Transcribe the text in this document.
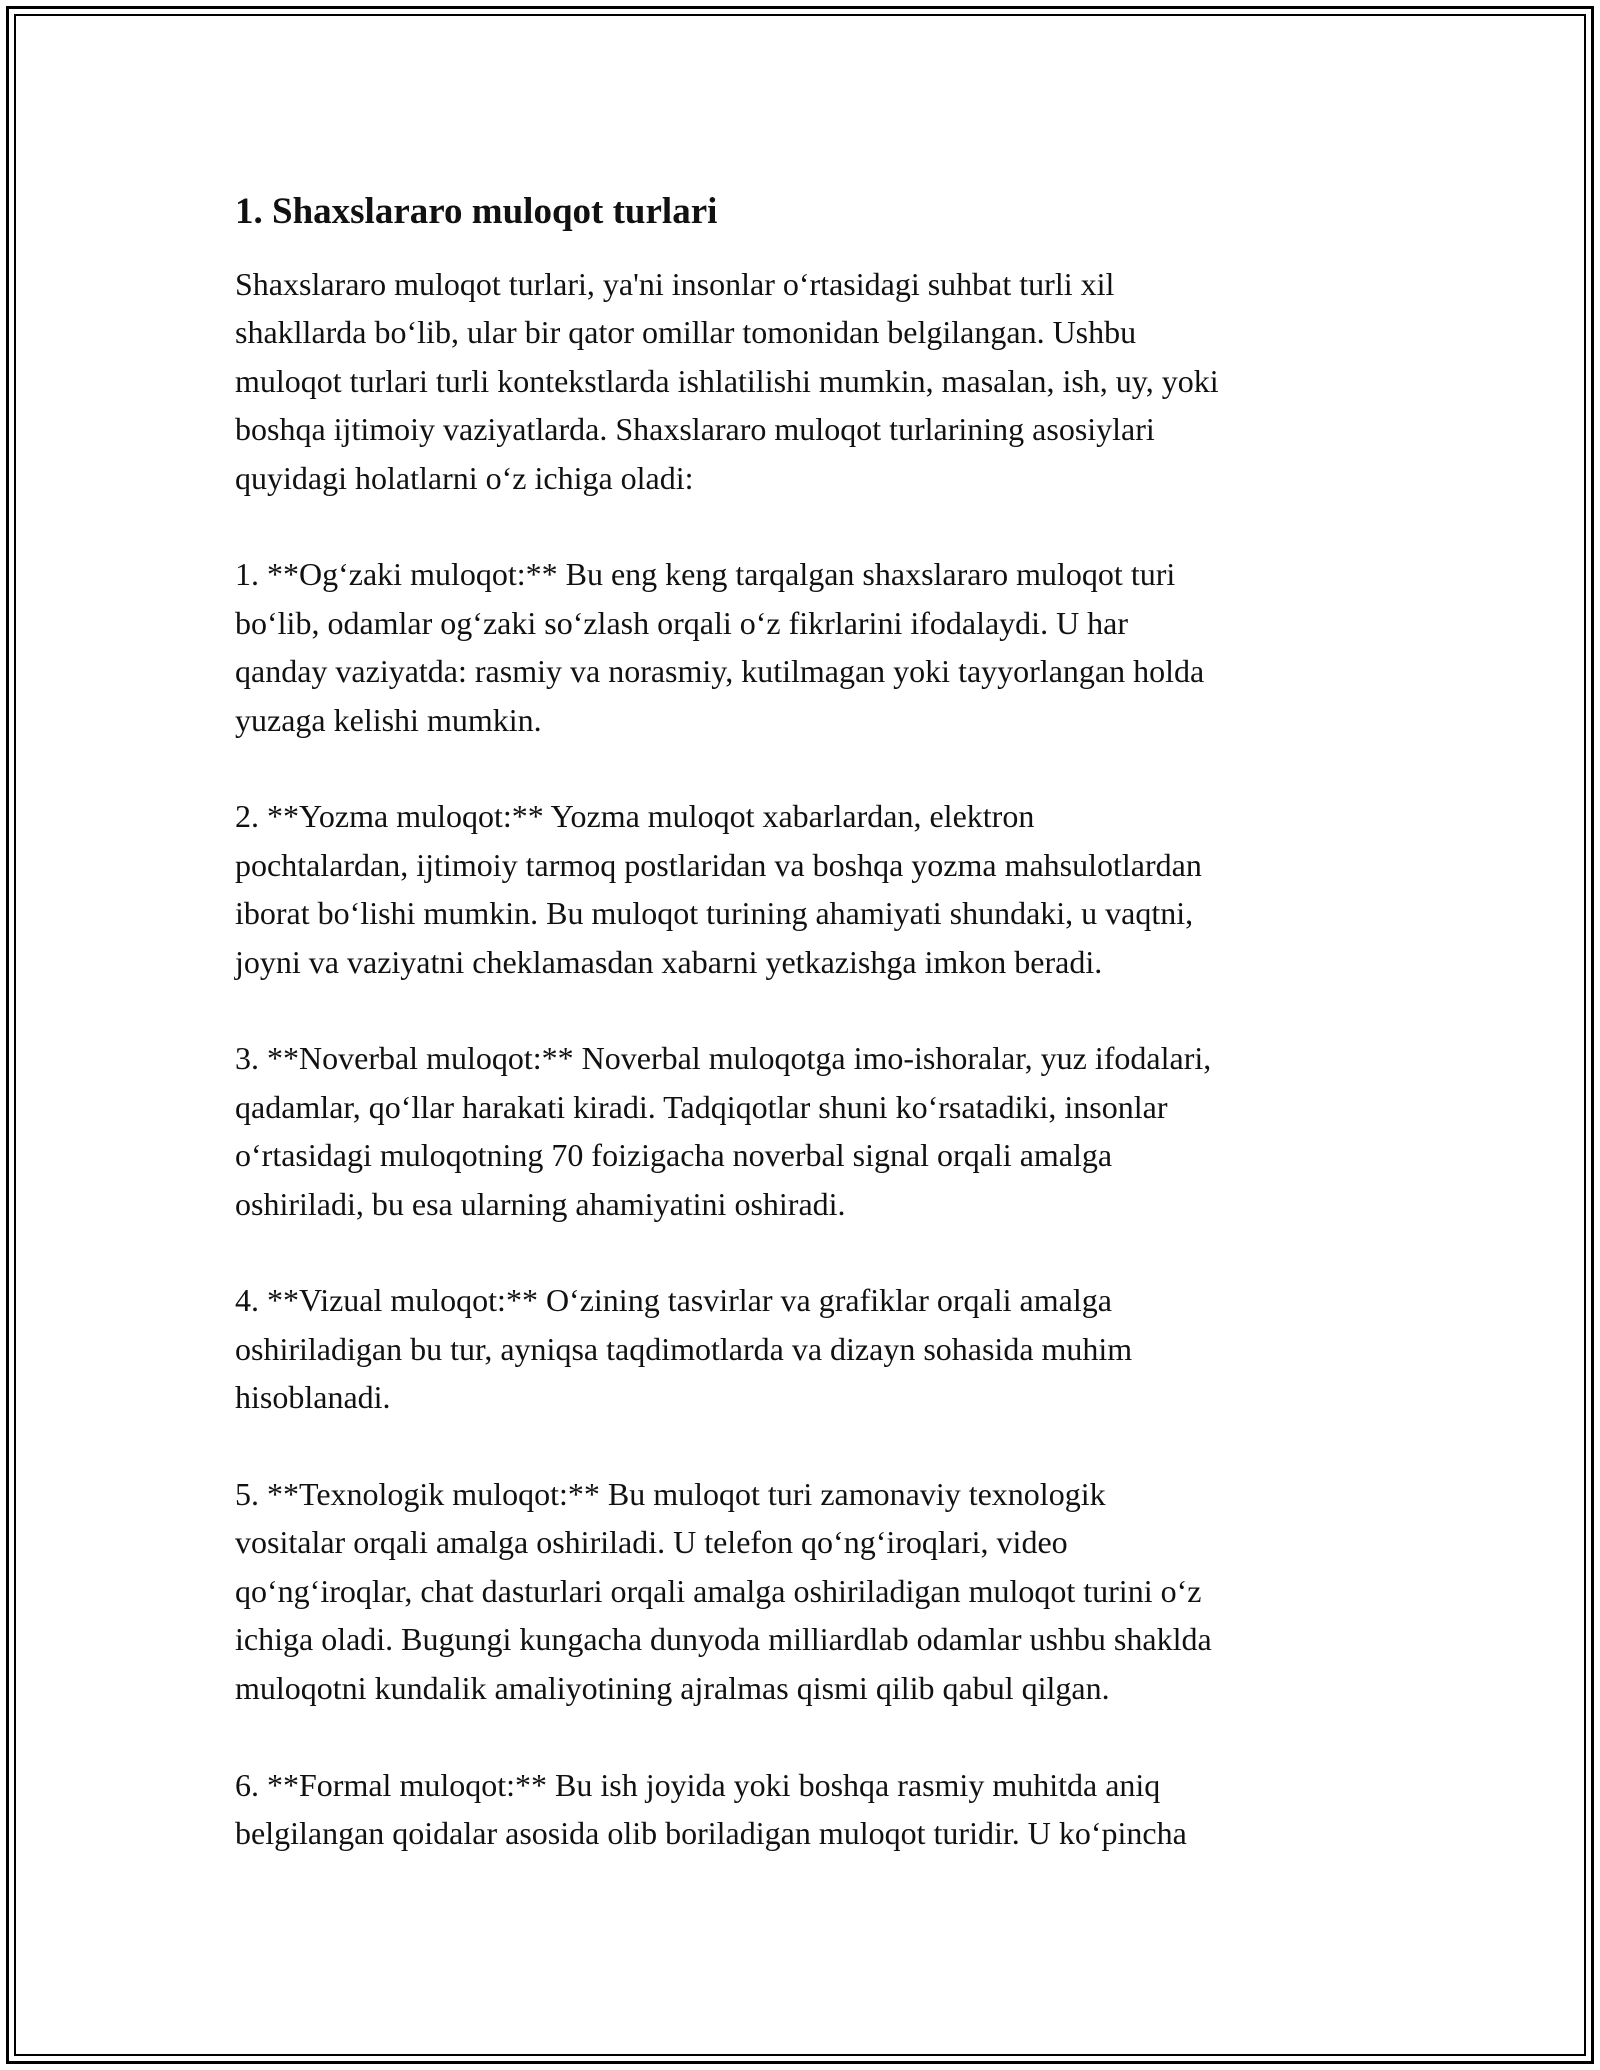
1. Shaxslararo muloqot turlari

Shaxslararo muloqot turlari, ya'ni insonlar o‘rtasidagi suhbat turli xil
shakllarda bo‘lib, ular bir qator omillar tomonidan belgilangan. Ushbu
muloqot turlari turli kontekstlarda ishlatilishi mumkin, masalan, ish, uy, yoki
boshqa ijtimoiy vaziyatlarda. Shaxslararo muloqot turlarining asosiylari
quyidagi holatlarni o‘z ichiga oladi:

1. **Og‘zaki muloqot:** Bu eng keng tarqalgan shaxslararo muloqot turi
bo‘lib, odamlar og‘zaki so‘zlash orqali o‘z fikrlarini ifodalaydi. U har
qanday vaziyatda: rasmiy va norasmiy, kutilmagan yoki tayyorlangan holda
yuzaga kelishi mumkin.

2. **Yozma muloqot:** Yozma muloqot xabarlardan, elektron
pochtalardan, ijtimoiy tarmoq postlaridan va boshqa yozma mahsulotlardan
iborat bo‘lishi mumkin. Bu muloqot turining ahamiyati shundaki, u vaqtni,
joyni va vaziyatni cheklamasdan xabarni yetkazishga imkon beradi.

3. **Noverbal muloqot:** Noverbal muloqotga imo-ishoralar, yuz ifodalari,
qadamlar, qo‘llar harakati kiradi. Tadqiqotlar shuni ko‘rsatadiki, insonlar
o‘rtasidagi muloqotning 70 foizigacha noverbal signal orqali amalga
oshiriladi, bu esa ularning ahamiyatini oshiradi.

4. **Vizual muloqot:** O‘zining tasvirlar va grafiklar orqali amalga
oshiriladigan bu tur, ayniqsa taqdimotlarda va dizayn sohasida muhim
hisoblanadi.

5. **Texnologik muloqot:** Bu muloqot turi zamonaviy texnologik
vositalar orqali amalga oshiriladi. U telefon qo‘ng‘iroqlari, video
qo‘ng‘iroqlar, chat dasturlari orqali amalga oshiriladigan muloqot turini o‘z
ichiga oladi. Bugungi kungacha dunyoda milliardlab odamlar ushbu shaklda
muloqotni kundalik amaliyotining ajralmas qismi qilib qabul qilgan.

6. **Formal muloqot:** Bu ish joyida yoki boshqa rasmiy muhitda aniq
belgilangan qoidalar asosida olib boriladigan muloqot turidir. U ko‘pincha
